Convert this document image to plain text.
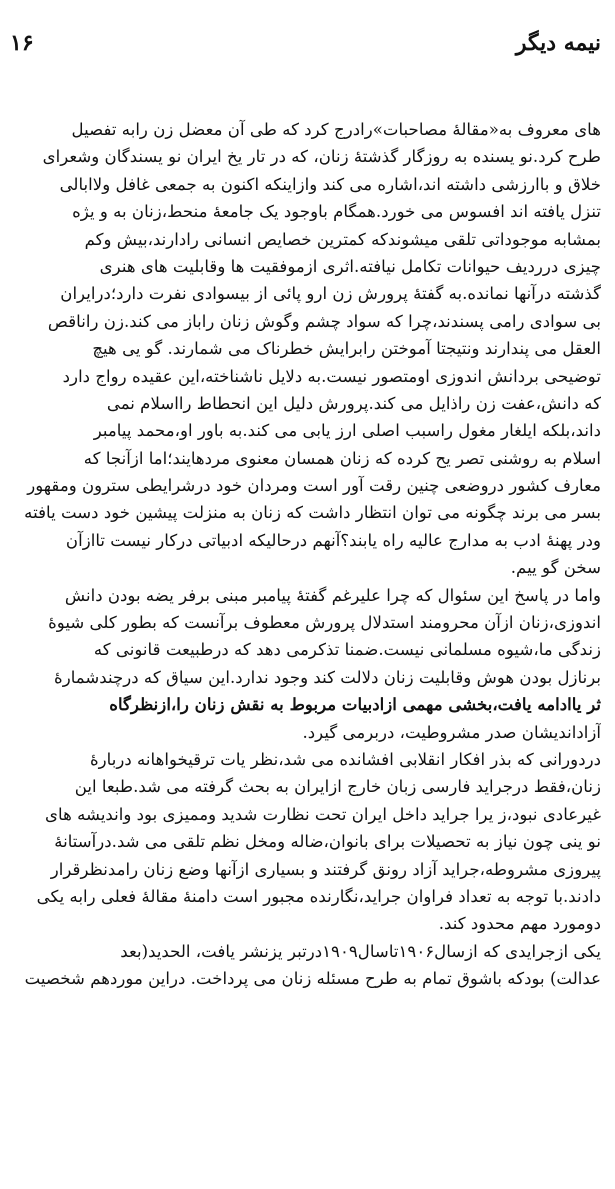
نیمه دیگر
۱۶
های معروف به«مقالهٔ مصاحبات»رادرج کرد که طی آن معضل زن رابه تفصیل
طرح کرد.نو یسنده به روزگار گذشتهٔ زنان، که در تار یخ ایران نو یسندگان وشعرای
خلاق و باارزشی داشته اند،اشاره می کند وازاینکه اکنون به جمعی غافل ولاابالی
تنزل یافته اند افسوس می خورد.همگام باوجود یک جامعهٔ منحط،زنان به و یژه
بمشابه موجوداتی تلقی میشوندکه کمترین خصایص انسانی رادارند،بیش وکم
چیزی درردیف حیوانات تکامل نیافته.اثری ازموفقیت ها وقابلیت های هنری
گذشته درآنها نمانده.به گفتهٔ پرورش زن ارو پائی از بیسوادی نفرت دارد؛درایران
بی سوادی رامی پسندند،چرا که سواد چشم وگوش زنان راباز می کند.زن راناقص
العقل می پندارند ونتیجتا آموختن رابرایش خطرناک می شمارند. گو یی هیچ
توضیحی بردانش اندوزی اومتصور نیست.به دلایل ناشناخته،این عقیده رواج دارد
که دانش،عفت زن راذایل می کند.پرورش دلیل این انحطاط رااسلام نمی
داند،بلکه ایلغار مغول راسبب اصلی ارز یابی می کند.به باور او،محمد پیامبر
اسلام به روشنی تصر یح کرده که زنان همسان معنوی مردهایند؛اما ازآنجا که
معارف کشور دروضعی چنین رقت آور است ومردان خود درشرایطی سترون ومقهور
بسر می برند چگونه می توان انتظار داشت که زنان به منزلت پیشین خود دست یافته
ودر پهنهٔ ادب به مدارج عالیه راه یابند؟آنهم درحالیکه ادبیاتی درکار نیست تاازآن
سخن گو ییم.
واما در پاسخ این سئوال که چرا علیرغم گفتهٔ پیامبر مبنی برفر یضه بودن دانش
اندوزی،زنان ازآن محرومند استدلال پرورش معطوف برآنست که بطور کلی شیوهٔ
زندگی ما،شیوه مسلمانی نیست.ضمنا تذکرمی دهد که درطبیعت قانونی که
برنازل بودن هوش وقابلیت زنان دلالت کند وجود ندارد.این سیاق که درچندشمارهٔ
ثر یاادامه یافت،بخشی مهمی ازادبیات مربوط به نقش زنان را،ازنظرگاه
آزاداندیشان صدر مشروطیت، دربرمی گیرد.
دردورانی که بذر افکار انقلابی افشانده می شد،نظر یات ترقیخواهانه دربارهٔ
زنان،فقط درجراید فارسی زبان خارج ازایران به بحث گرفته می شد.طبعا این
غیرعادی نبود،ز یرا جراید داخل ایران تحت نظارت شدید وممیزی بود وانديشه های
نو ینی چون نیاز به تحصیلات برای بانوان،ضاله ومخل نظم تلقی می شد.درآستانهٔ
پیروزی مشروطه،جراید آزاد رونق گرفتند و بسیاری ازآنها وضع زنان رامدنظرقرار
دادند.با توجه به تعداد فراوان جراید،نگارنده مجبور است دامنهٔ مقالهٔ فعلی رابه یکی
دومورد مهم محدود کند.
یکی ازجرایدی که ازسال۱۹۰۶تاسال۱۹۰۹درتبر یزنشر یافت، الحدید(بعد
عدالت) بودکه باشوق تمام به طرح مسئله زنان می پرداخت. دراین موردهم شخصیت
